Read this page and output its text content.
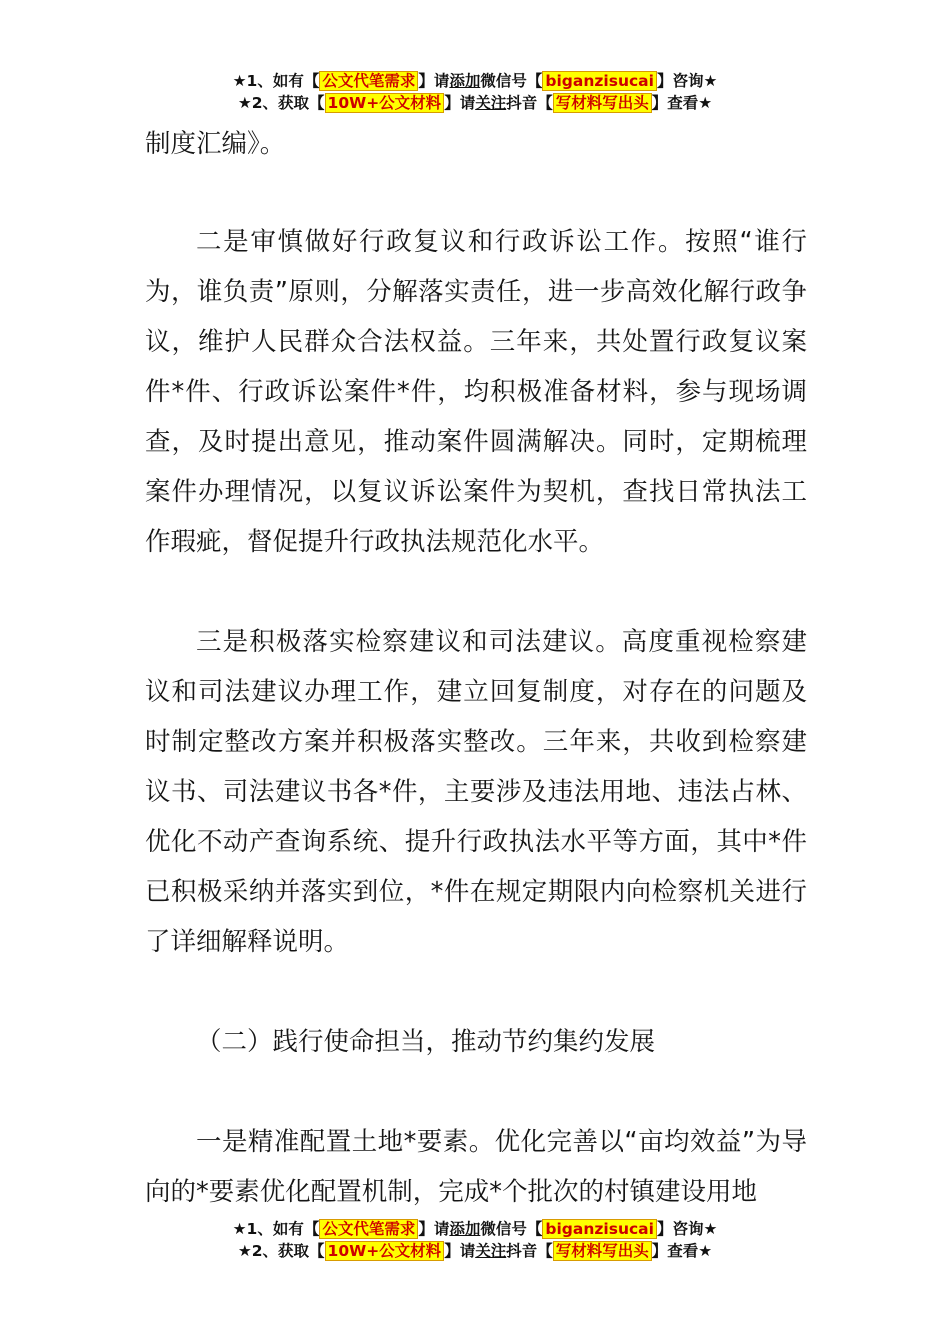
★1、如有【 公文代笔需求 】请添加微信号【 biganzisucai 】咨询★
★2、获取【 10W+公文材料 】请关注抖音【 写材料写出头 】查看★

制度汇编》。

二是审慎做好行政复议和行政诉讼工作。按照“谁行为，谁负责”原则，分解落实责任，进一步高效化解行政争议，维护人民群众合法权益。三年来，共处置行政复议案件*件、行政诉讼案件*件，均积极准备材料，参与现场调查，及时提出意见，推动案件圆满解决。同时，定期梳理案件办理情况，以复议诉讼案件为契机，查找日常执法工作瑕疵，督促提升行政执法规范化水平。

三是积极落实检察建议和司法建议。高度重视检察建议和司法建议办理工作，建立回复制度，对存在的问题及时制定整改方案并积极落实整改。三年来，共收到检察建议书、司法建议书各*件，主要涉及违法用地、违法占林、优化不动产查询系统、提升行政执法水平等方面，其中*件已积极采纳并落实到位，*件在规定期限内向检察机关进行了详细解释说明。

（二）践行使命担当，推动节约集约发展

一是精准配置土地*要素。优化完善以“亩均效益”为导向的*要素优化配置机制，完成*个批次的村镇建设用地

★1、如有【 公文代笔需求 】请添加微信号【 biganzisucai 】咨询★
★2、获取【 10W+公文材料 】请关注抖音【 写材料写出头 】查看★
